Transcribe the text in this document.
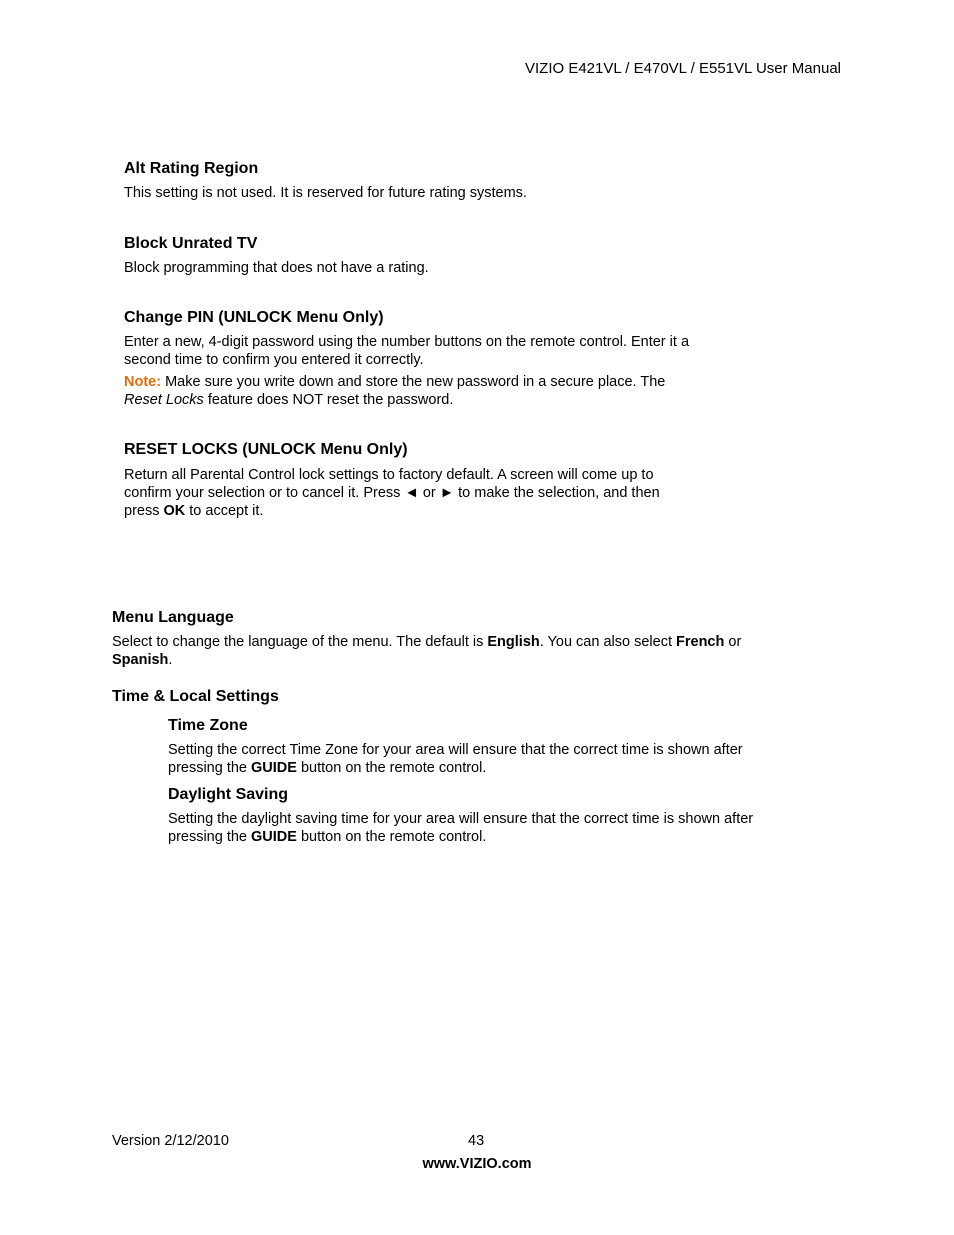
VIZIO E421VL / E470VL / E551VL User Manual
Alt Rating Region
This setting is not used. It is reserved for future rating systems.
Block Unrated TV
Block programming that does not have a rating.
Change PIN (UNLOCK Menu Only)
Enter a new, 4-digit password using the number buttons on the remote control. Enter it a
second time to confirm you entered it correctly.
Note: Make sure you write down and store the new password in a secure place. The
Reset Locks feature does NOT reset the password.
RESET LOCKS (UNLOCK Menu Only)
Return all Parental Control lock settings to factory default. A screen will come up to
confirm your selection or to cancel it. Press ◄ or ► to make the selection, and then
press OK to accept it.
Menu Language
Select to change the language of the menu. The default is English. You can also select French or
Spanish.
Time & Local Settings
Time Zone
Setting the correct Time Zone for your area will ensure that the correct time is shown after
pressing the GUIDE button on the remote control.
Daylight Saving
Setting the daylight saving time for your area will ensure that the correct time is shown after
pressing the GUIDE button on the remote control.
Version 2/12/2010	43
www.VIZIO.com
